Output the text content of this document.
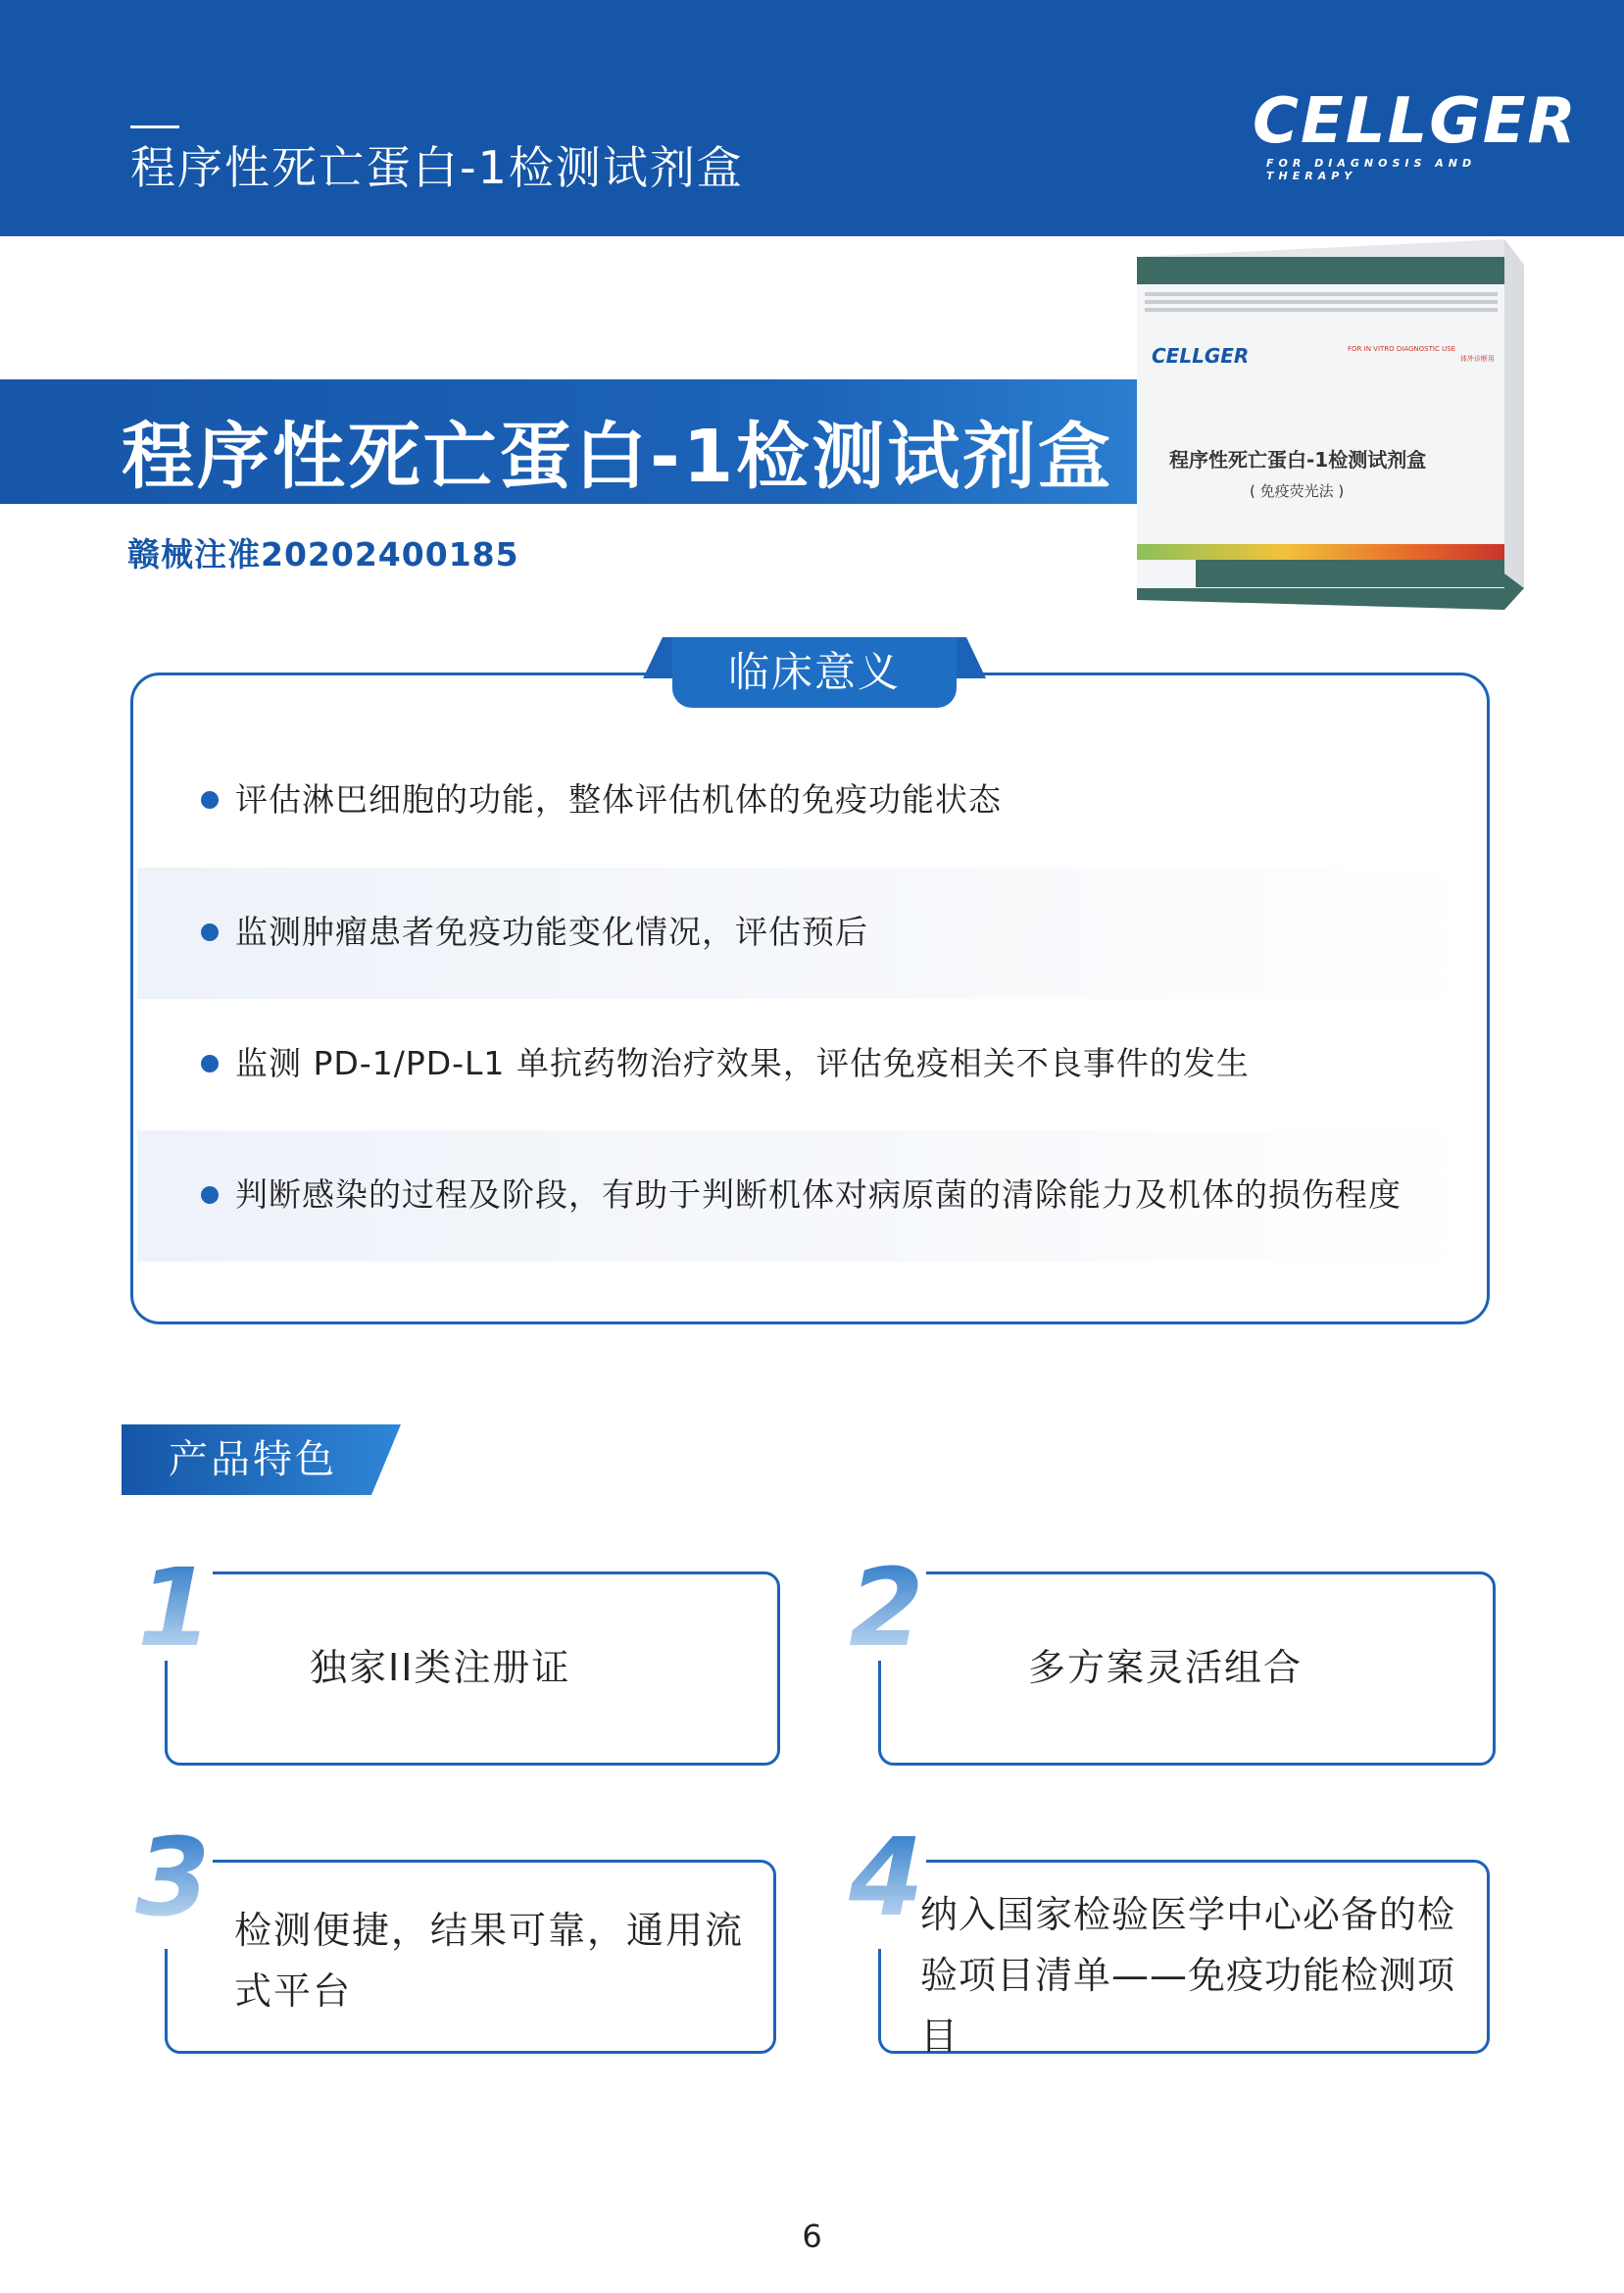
程序性死亡蛋白-1检测试剂盒
CELLGER
FOR DIAGNOSIS AND THERAPY
程序性死亡蛋白-1检测试剂盒
赣械注准20202400185
CELLGER	FOR IN VITRO DIAGNOSTIC USE
体外诊断用
程序性死亡蛋白-1检测试剂盒
( 免疫荧光法 )
临床意义
评估淋巴细胞的功能，整体评估机体的免疫功能状态
监测肿瘤患者免疫功能变化情况，评估预后
监测 PD-1/PD-L1 单抗药物治疗效果，评估免疫相关不良事件的发生
判断感染的过程及阶段，有助于判断机体对病原菌的清除能力及机体的损伤程度
产品特色
独家II类注册证
1	多方案灵活组合
2
检测便捷，结果可靠，通用流
式平台
3	纳入国家检验医学中心必备的检
验项目清单——免疫功能检测项目
4
6
